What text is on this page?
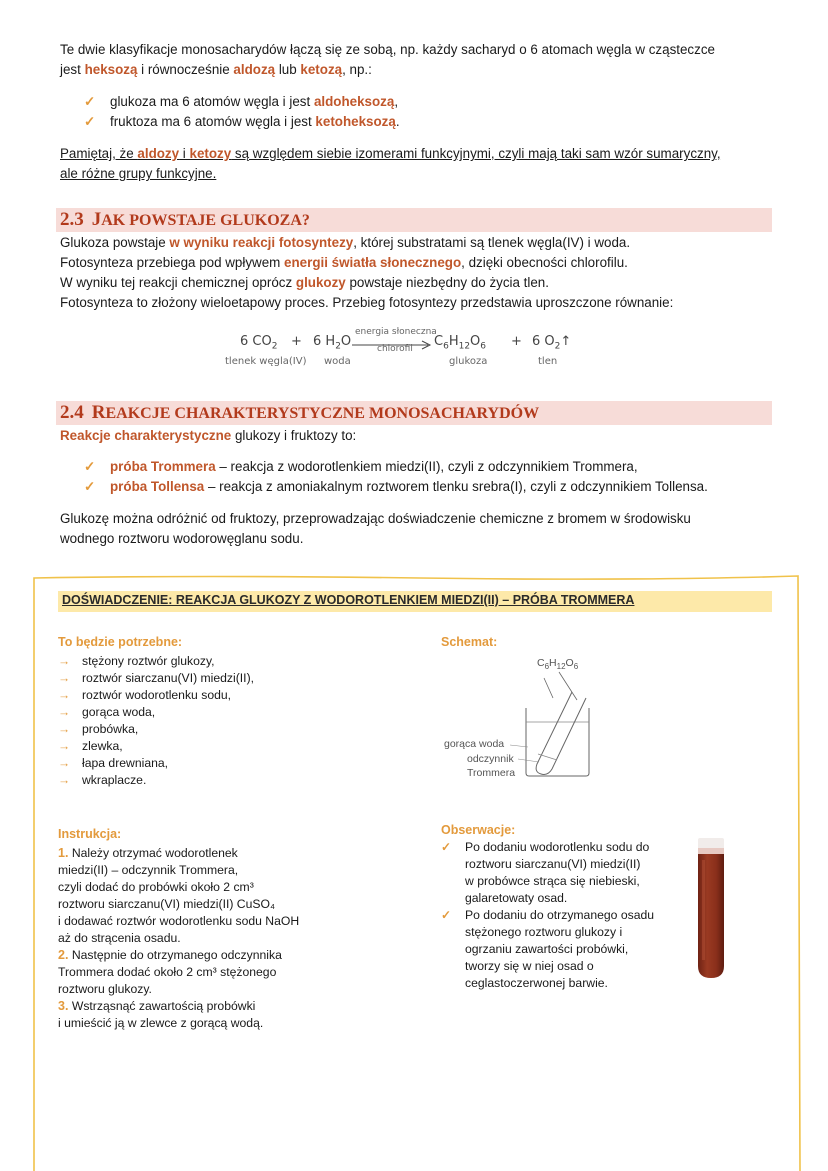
Te dwie klasyfikacje monosacharydów łączą się ze sobą, np. każdy sacharyd o 6 atomach węgla w cząsteczce
jest heksozą i równocześnie aldozą lub ketozą, np.:
✓ glukoza ma 6 atomów węgla i jest aldoheksozą,
✓ fruktoza ma 6 atomów węgla i jest ketoheksozą.
Pamiętaj, że aldozy i ketozy są względem siebie izomerami funkcyjnymi, czyli mają taki sam wzór sumaryczny,
ale różne grupy funkcyjne.
2.3 JAK POWSTAJE GLUKOZA?
Glukoza powstaje w wyniku reakcji fotosyntezy, której substratami są tlenek węgla(IV) i woda.
Fotosynteza przebiega pod wpływem energii światła słonecznego, dzięki obecności chlorofilu.
W wyniku tej reakcji chemicznej oprócz glukozy powstaje niezbędny do życia tlen.
Fotosynteza to złożony wieloetapowy proces. Przebieg fotosyntezy przedstawia uproszczone równanie:
6 $CO_2 + 6$ $H_2O$
energia słoneczna
chlorofil $C_6H_{12}O_6 + 6$ $O_2↑$
tlenek węgla(IV) woda	glukoza	tlen
2.4 REAKCJE CHARAKTERYSTYCZNE MONOSACHARYDÓW
Reakcje charakterystyczne glukozy i fruktozy to:
✓ próba Trommera – reakcja z wodorotlenkiem miedzi(II), czyli z odczynnikiem Trommera,
✓ próba Tollensa – reakcja z amoniakalnym roztworem tlenku srebra(I), czyli z odczynnikiem Tollensa.
Glukozę można odróżnić od fruktozy, przeprowadzając doświadczenie chemiczne z bromem w środowisku
wodnego roztworu wodorowęglanu sodu.
DOŚWIADCZENIE: REAKCJA GLUKOZY Z WODOROTLENKIEM MIEDZI(II) – PRÓBA TROMMERA
To będzie potrzebne:
→ stężony roztwór glukozy,
→ roztwór siarczanu(VI) miedzi(II),
→ roztwór wodorotlenku sodu,
→ gorąca woda,
→ probówka,
→ zlewka,
→ łapa drewniana,
→ wkraplacze.
Schemat:
$C_6H_{12}O_6$
gorąca woda
odczynnik
Trommera
Instrukcja:
1. Należy otrzymać wodorotlenek
miedzi(II) – odczynnik Trommera,
czyli dodać do probówki około 2 cm³
roztworu siarczanu(VI) miedzi(II) CuSO₄
i dodawać roztwór wodorotlenku sodu NaOH
aż do strącenia osadu.
2. Następnie do otrzymanego odczynnika
Trommera dodać około 2 cm³ stężonego
roztworu glukozy.
3. Wstrząsnąć zawartością probówki
i umieścić ją w zlewce z gorącą wodą.
Obserwacje:
✓ Po dodaniu wodorotlenku sodu do
roztworu siarczanu(VI) miedzi(II)
w probówce strąca się niebieski,
galaretowaty osad.
✓ Po dodaniu do otrzymanego osadu
stężonego roztworu glukozy i
ogrzaniu zawartości probówki,
tworzy się w niej osad o
ceglastoczerwonej barwie.
